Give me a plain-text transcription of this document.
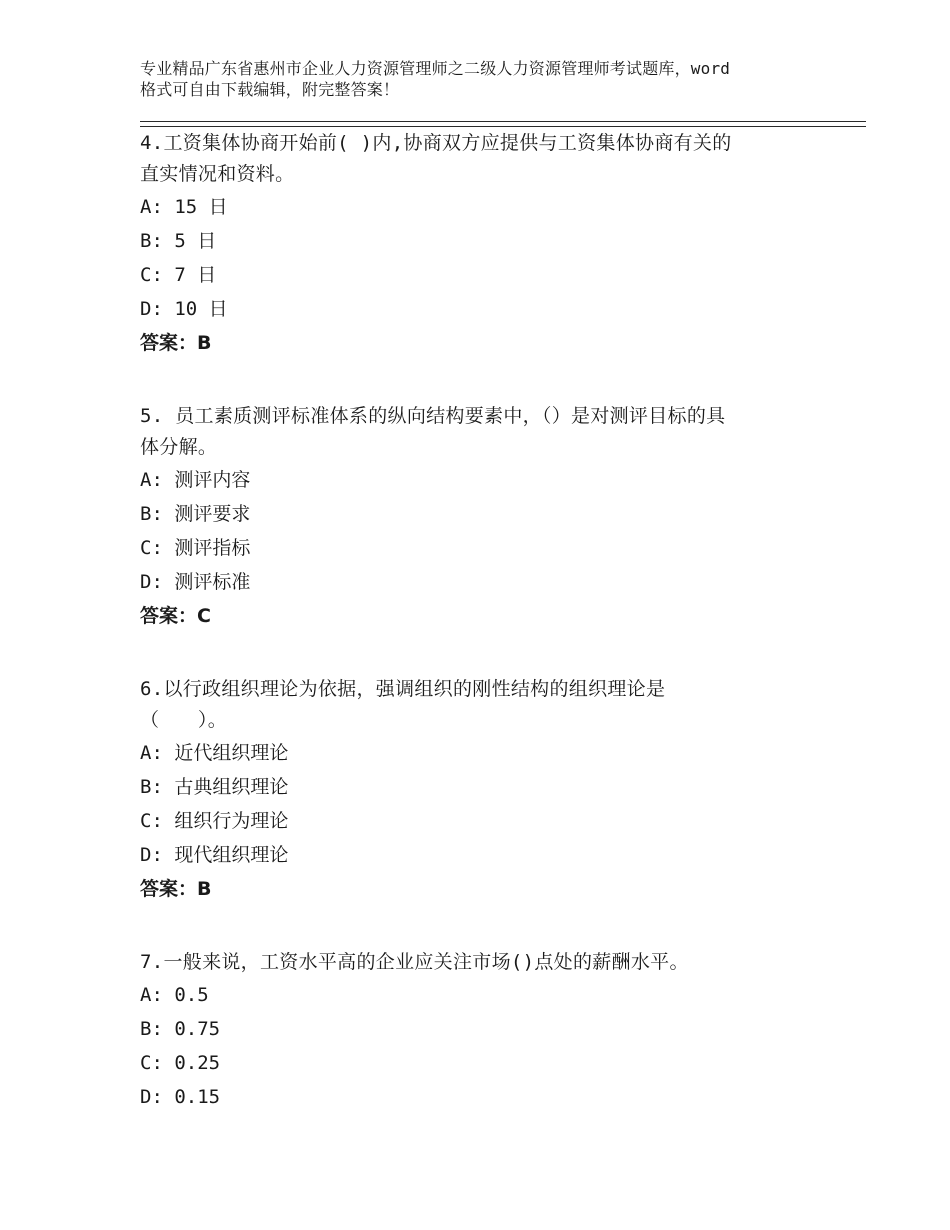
专业精品广东省惠州市企业人力资源管理师之二级人力资源管理师考试题库，word
格式可自由下载编辑，附完整答案！
4.工资集体协商开始前( )内,协商双方应提供与工资集体协商有关的
直实情况和资料。
A: 15 日
B: 5 日
C: 7 日
D: 10 日
答案：B
5. 员工素质测评标准体系的纵向结构要素中，（）是对测评目标的具
体分解。
A: 测评内容
B: 测评要求
C: 测评指标
D: 测评标准
答案：C
6.以行政组织理论为依据，强调组织的刚性结构的组织理论是
（　　）。
A: 近代组织理论
B: 古典组织理论
C: 组织行为理论
D: 现代组织理论
答案：B
7.一般来说，工资水平高的企业应关注市场()点处的薪酬水平。
A: 0.5
B: 0.75
C: 0.25
D: 0.15
